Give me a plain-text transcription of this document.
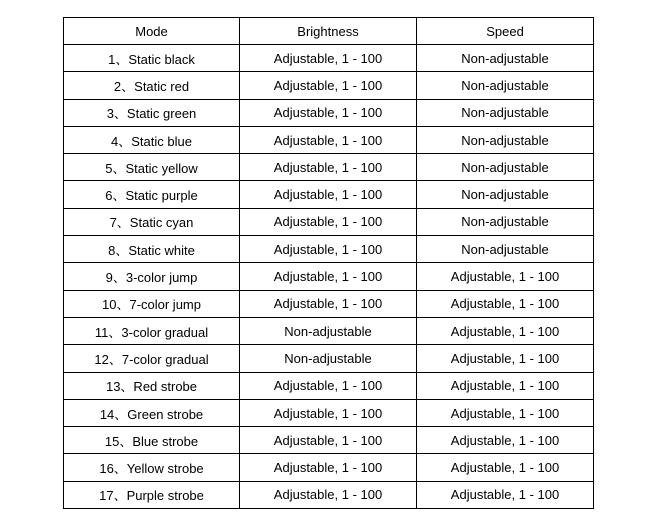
Mode	Brightness	Speed
1、Static black	Adjustable, 1 - 100	Non-adjustable
2、Static red	Adjustable, 1 - 100	Non-adjustable
3、Static green	Adjustable, 1 - 100	Non-adjustable
4、Static blue	Adjustable, 1 - 100	Non-adjustable
5、Static yellow	Adjustable, 1 - 100	Non-adjustable
6、Static purple	Adjustable, 1 - 100	Non-adjustable
7、Static cyan	Adjustable, 1 - 100	Non-adjustable
8、Static white	Adjustable, 1 - 100	Non-adjustable
9、3-color jump	Adjustable, 1 - 100	Adjustable, 1 - 100
10、7-color jump	Adjustable, 1 - 100	Adjustable, 1 - 100
11、3-color gradual	Non-adjustable	Adjustable, 1 - 100
12、7-color gradual	Non-adjustable	Adjustable, 1 - 100
13、Red strobe	Adjustable, 1 - 100	Adjustable, 1 - 100
14、Green strobe	Adjustable, 1 - 100	Adjustable, 1 - 100
15、Blue strobe	Adjustable, 1 - 100	Adjustable, 1 - 100
16、Yellow strobe	Adjustable, 1 - 100	Adjustable, 1 - 100
17、Purple strobe	Adjustable, 1 - 100	Adjustable, 1 - 100
